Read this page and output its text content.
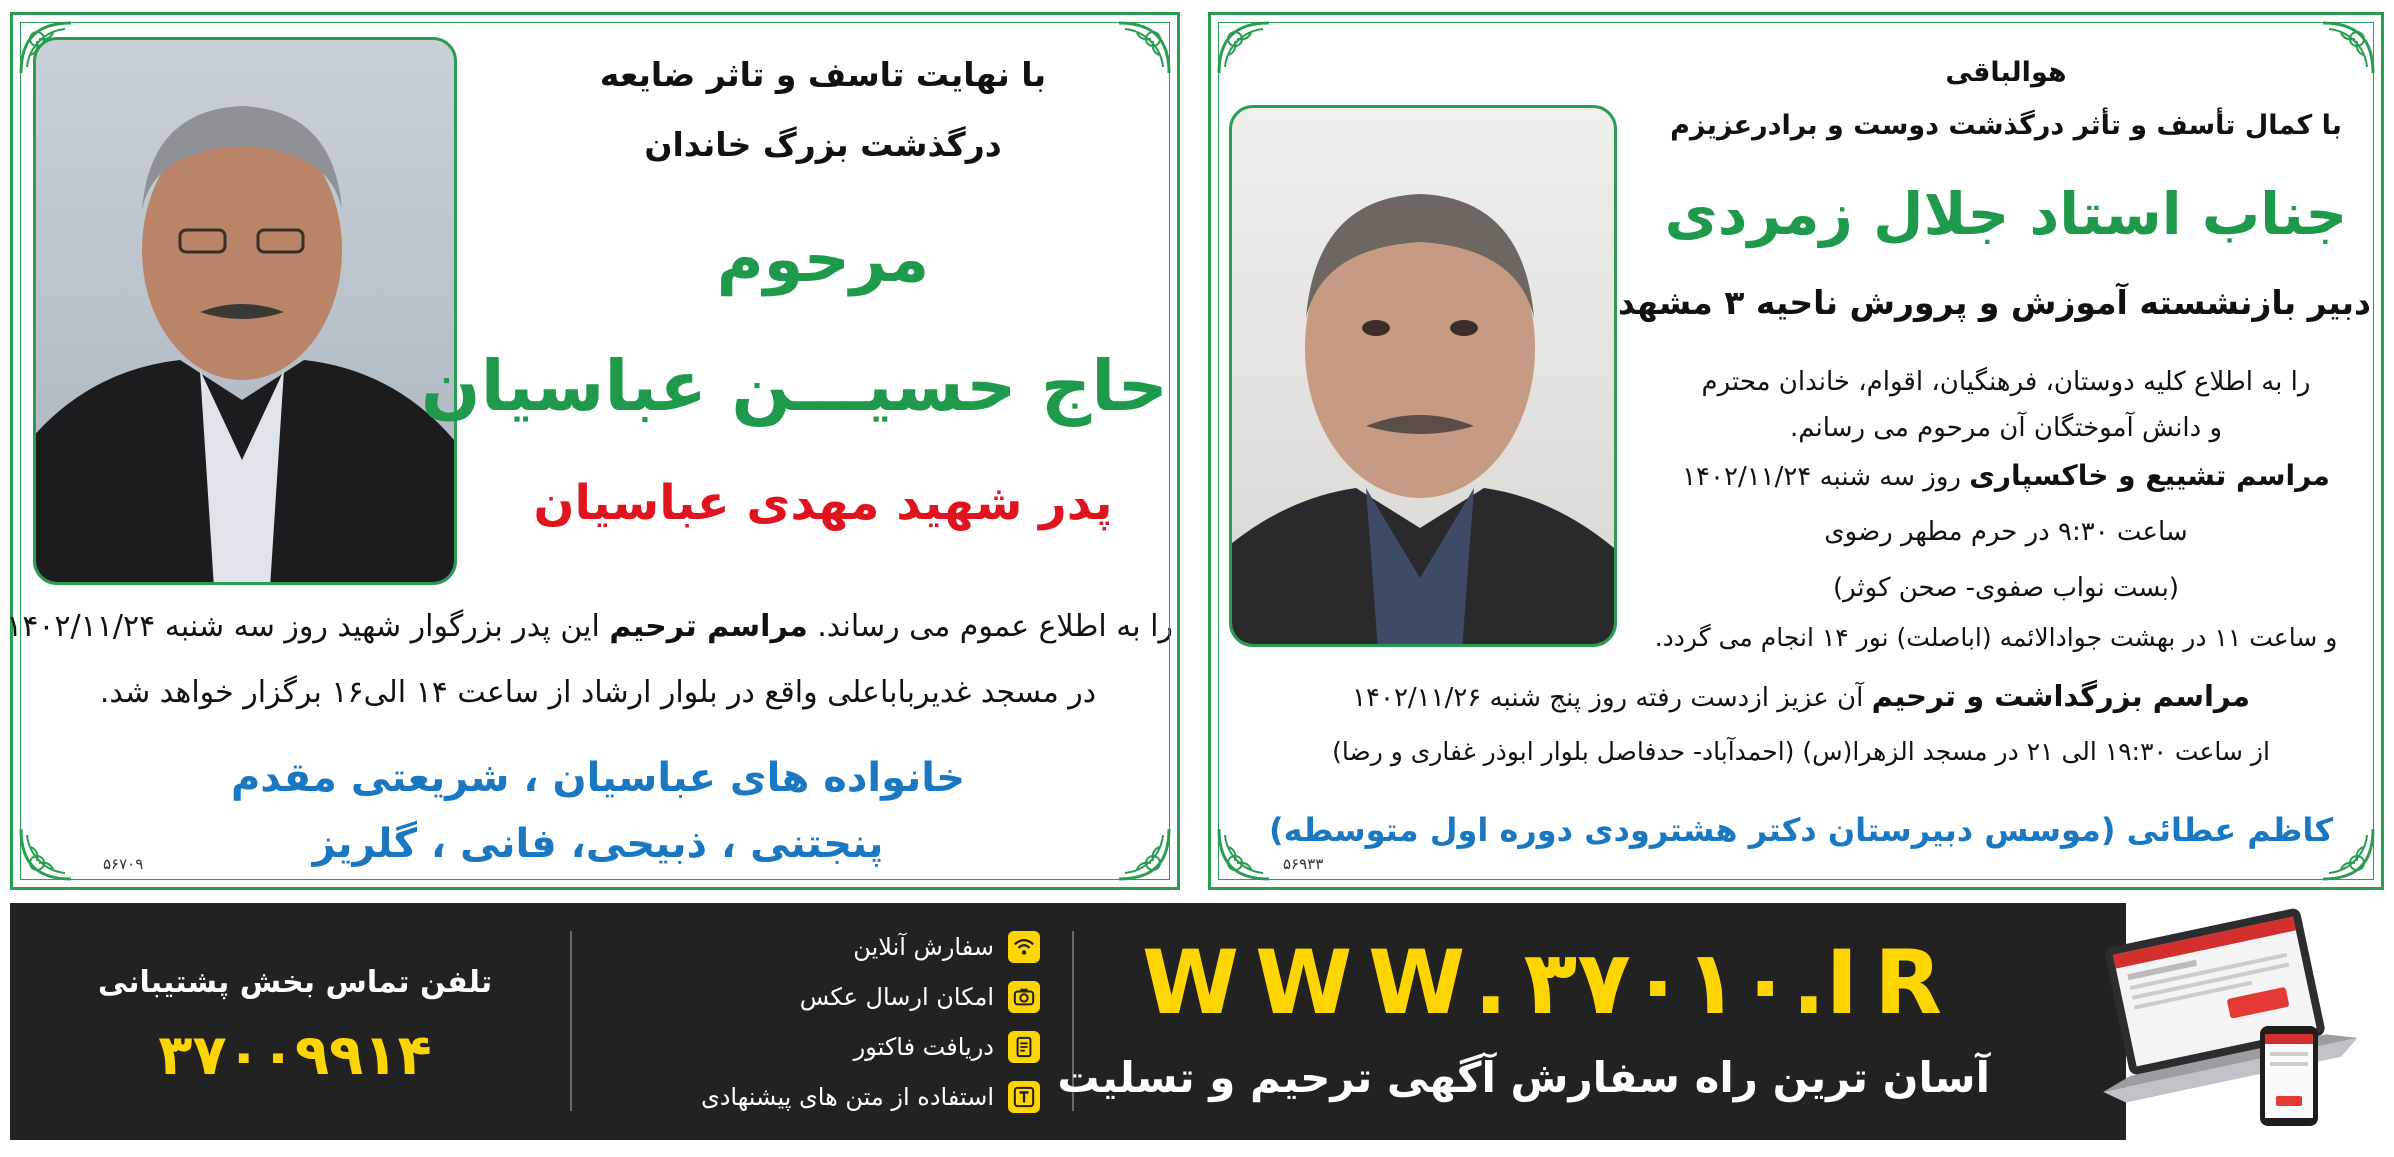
با نهایت تاسف و تاثر ضایعه
درگذشت بزرگ خاندان
مرحوم
حاج حسیـــن عباسیان
پدر شهید مهدی عباسیان
را به اطلاع عموم می رساند. مراسم ترحیم این پدر بزرگوار شهید روز سه شنبه ۱۴۰۲/۱۱/۲۴
در مسجد غدیرباباعلی واقع در بلوار ارشاد از ساعت ۱۴ الی۱۶ برگزار خواهد شد.
خانواده های عباسیان ، شریعتی مقدم
پنجتنی ، ذبیحی، فانی ، گلریز
۵۶۷۰۹
هوالباقی
با کمال تأسف و تأثر درگذشت دوست و برادرعزیزم
جناب استاد جلال زمردی
دبیر بازنشسته آموزش و پرورش ناحیه ۳ مشهد
را به اطلاع کلیه دوستان، فرهنگیان، اقوام، خاندان محترم
و دانش آموختگان آن مرحوم می رسانم.
مراسم تشییع و خاکسپاری روز سه شنبه ۱۴۰۲/۱۱/۲۴
ساعت ۹:۳۰ در حرم مطهر رضوی
(بست نواب صفوی- صحن کوثر)
و ساعت ۱۱ در بهشت جوادالائمه (اباصلت) نور ۱۴ انجام می گردد.
مراسم بزرگداشت و ترحیم آن عزیز ازدست رفته روز پنج شنبه ۱۴۰۲/۱۱/۲۶
از ساعت ۱۹:۳۰ الی ۲۱ در مسجد الزهرا(س) (احمدآباد- حدفاصل بلوار ابوذر غفاری و رضا)
کاظم عطائی (موسس دبیرستان دکتر هشترودی دوره اول متوسطه)
۵۶۹۳۳
تلفن تماس بخش پشتیبانی
۳۷۰۰۹۹۱۴
سفارش آنلاین
امکان ارسال عکس
دریافت فاکتور
استفاده از متن های پیشنهادی
WWW.۳۷۰۱۰.IR
آسان ترین راه سفارش آگهی ترحیم و تسلیت
